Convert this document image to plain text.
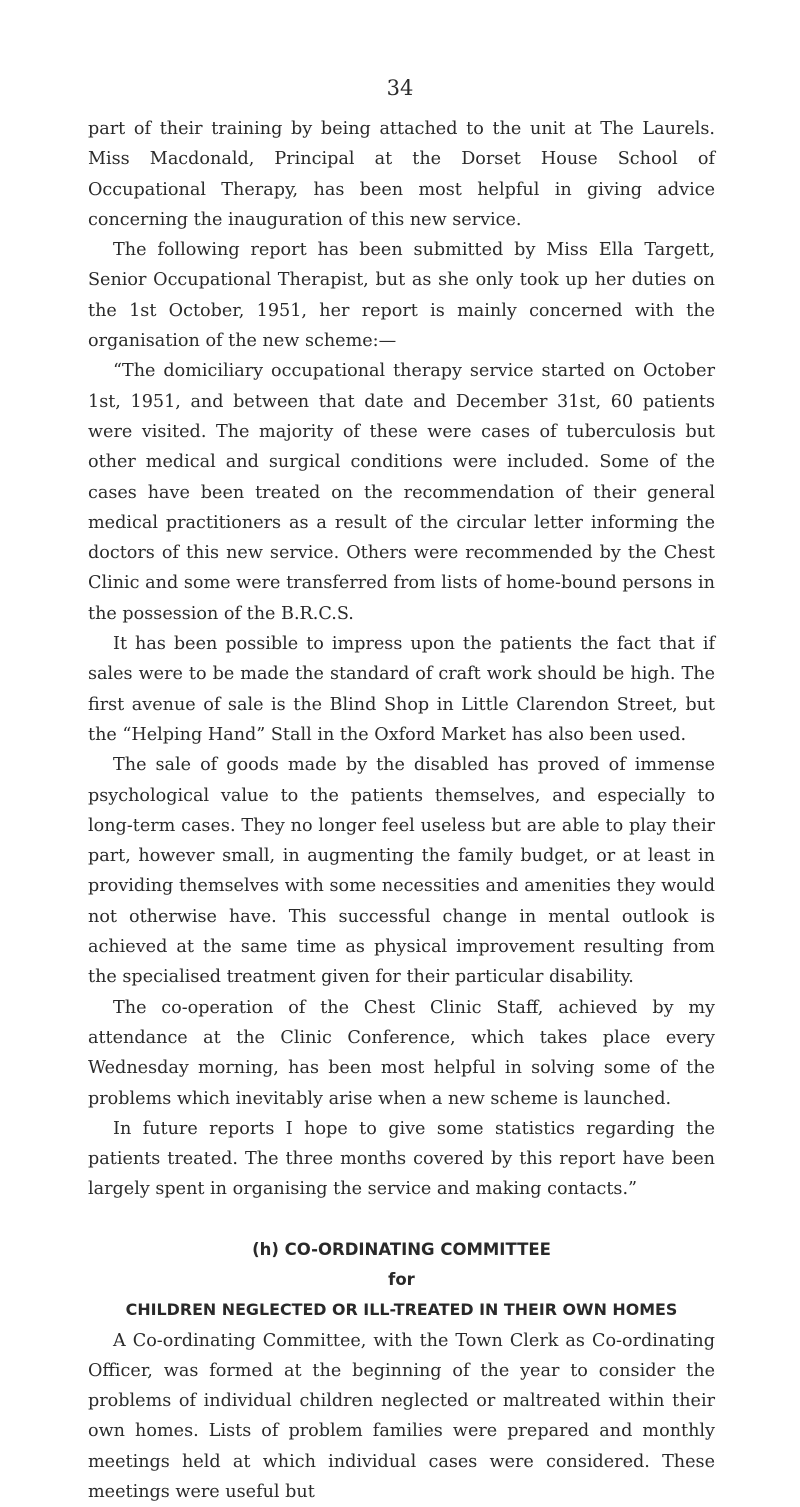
34

part of their training by being attached to the unit at The Laurels. Miss Macdonald, Principal at the Dorset House School of Occupational Therapy, has been most helpful in giving advice concerning the inauguration of this new service.

The following report has been submitted by Miss Ella Targett, Senior Occupational Therapist, but as she only took up her duties on the 1st October, 1951, her report is mainly concerned with the organisation of the new scheme:—

“The domiciliary occupational therapy service started on October 1st, 1951, and between that date and December 31st, 60 patients were visited. The majority of these were cases of tuberculosis but other medical and surgical conditions were included. Some of the cases have been treated on the recommendation of their general medical practitioners as a result of the circular letter informing the doctors of this new service. Others were recommended by the Chest Clinic and some were transferred from lists of home-bound persons in the possession of the B.R.C.S.

It has been possible to impress upon the patients the fact that if sales were to be made the standard of craft work should be high. The first avenue of sale is the Blind Shop in Little Clarendon Street, but the “Helping Hand” Stall in the Oxford Market has also been used.

The sale of goods made by the disabled has proved of immense psychological value to the patients themselves, and especially to long-term cases. They no longer feel useless but are able to play their part, however small, in augmenting the family budget, or at least in providing themselves with some necessities and amenities they would not otherwise have. This successful change in mental outlook is achieved at the same time as physical improvement resulting from the specialised treatment given for their particular disability.

The co-operation of the Chest Clinic Staff, achieved by my attendance at the Clinic Conference, which takes place every Wednesday morning, has been most helpful in solving some of the problems which inevitably arise when a new scheme is launched.

In future reports I hope to give some statistics regarding the patients treated. The three months covered by this report have been largely spent in organising the service and making contacts.”

(h) CO-ORDINATING COMMITTEE

for

CHILDREN NEGLECTED OR ILL-TREATED IN THEIR OWN HOMES

A Co-ordinating Committee, with the Town Clerk as Co-ordinating Officer, was formed at the beginning of the year to consider the problems of individual children neglected or maltreated within their own homes. Lists of problem families were prepared and monthly meetings held at which individual cases were considered. These meetings were useful but
